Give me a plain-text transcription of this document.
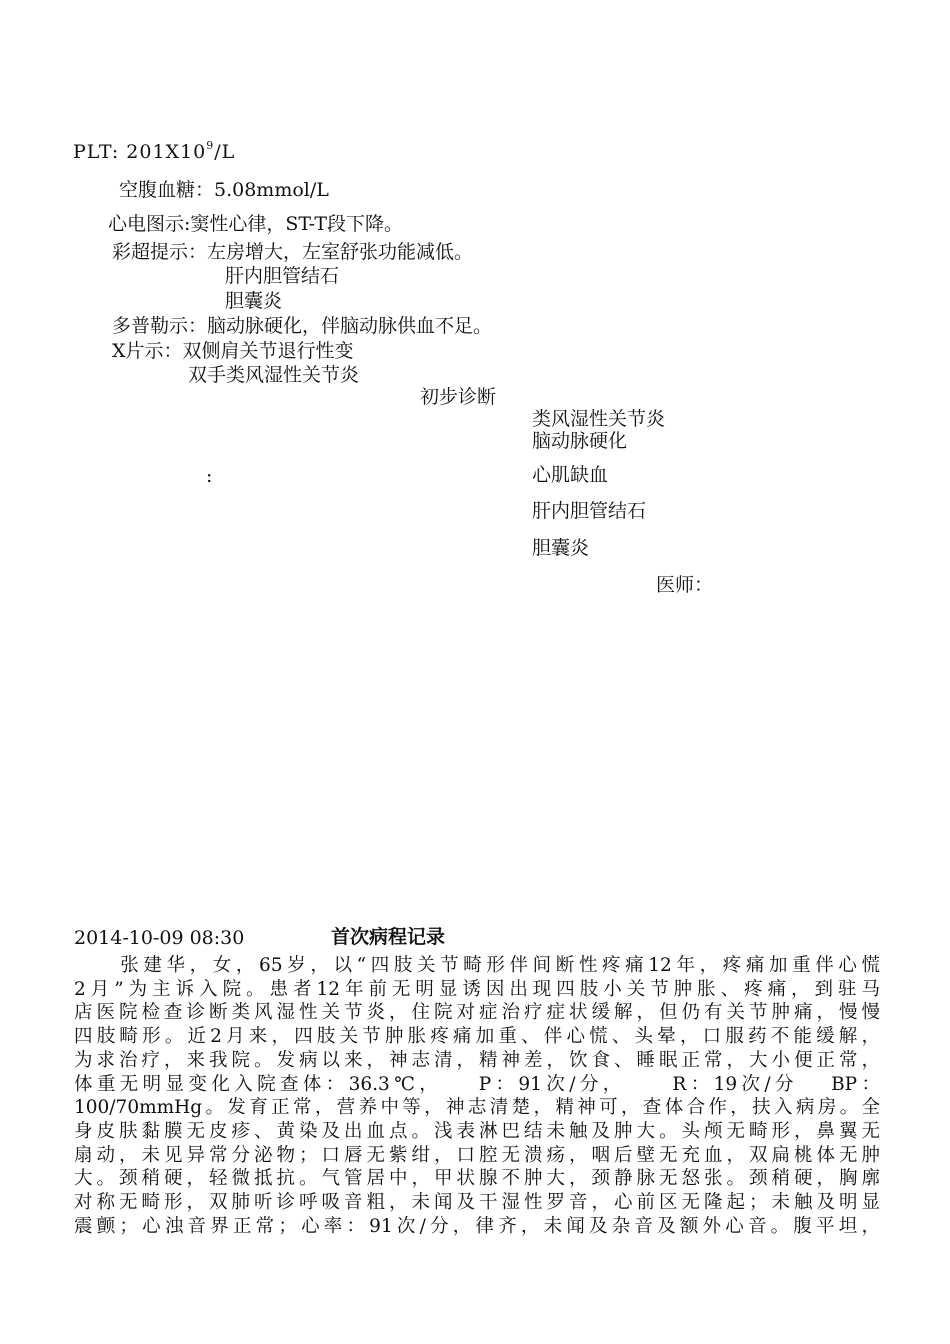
PLT: $201X10^9/L$
空腹血糖：5.08mmol/L
心电图示:窦性心律，ST-T段下降。
彩超提示：左房增大，左室舒张功能减低。
肝内胆管结石
胆囊炎
多普勒示：脑动脉硬化，伴脑动脉供血不足。
X片示：双侧肩关节退行性变
双手类风湿性关节炎
初步诊断
类风湿性关节炎
脑动脉硬化
:	心肌缺血
肝内胆管结石
胆囊炎
医师：
2014-10-09 08:30	首次病程记录
　　张建华，女，65岁，以“四肢关节畸形伴间断性疼痛12年，疼痛加重伴心慌
2月”为主诉入院。患者12年前无明显诱因出现四肢小关节肿胀、疼痛，到驻马
店医院检查诊断类风湿性关节炎，住院对症治疗症状缓解，但仍有关节肿痛，慢慢
四肢畸形。近2月来，四肢关节肿胀疼痛加重、伴心慌、头晕，口服药不能缓解，
为求治疗，来我院。发病以来，神志清，精神差，饮食、睡眠正常，大小便正常，
体重无明显变化入院查体：36.3℃，　　P：91次/分，　　 R：19次/分　 BP：
100/70mmHg。发育正常，营养中等，神志清楚，精神可，查体合作，扶入病房。全
身皮肤黏膜无皮疹、黄染及出血点。浅表淋巴结未触及肿大。头颅无畸形，鼻翼无
扇动，未见异常分泌物；口唇无紫绀，口腔无溃疡，咽后壁无充血，双扁桃体无肿
大。颈稍硬，轻微抵抗。气管居中，甲状腺不肿大，颈静脉无怒张。颈稍硬，胸廓
对称无畸形，双肺听诊呼吸音粗，未闻及干湿性罗音，心前区无隆起；未触及明显
震颤；心浊音界正常；心率：91次/分，律齐，未闻及杂音及额外心音。腹平坦，
